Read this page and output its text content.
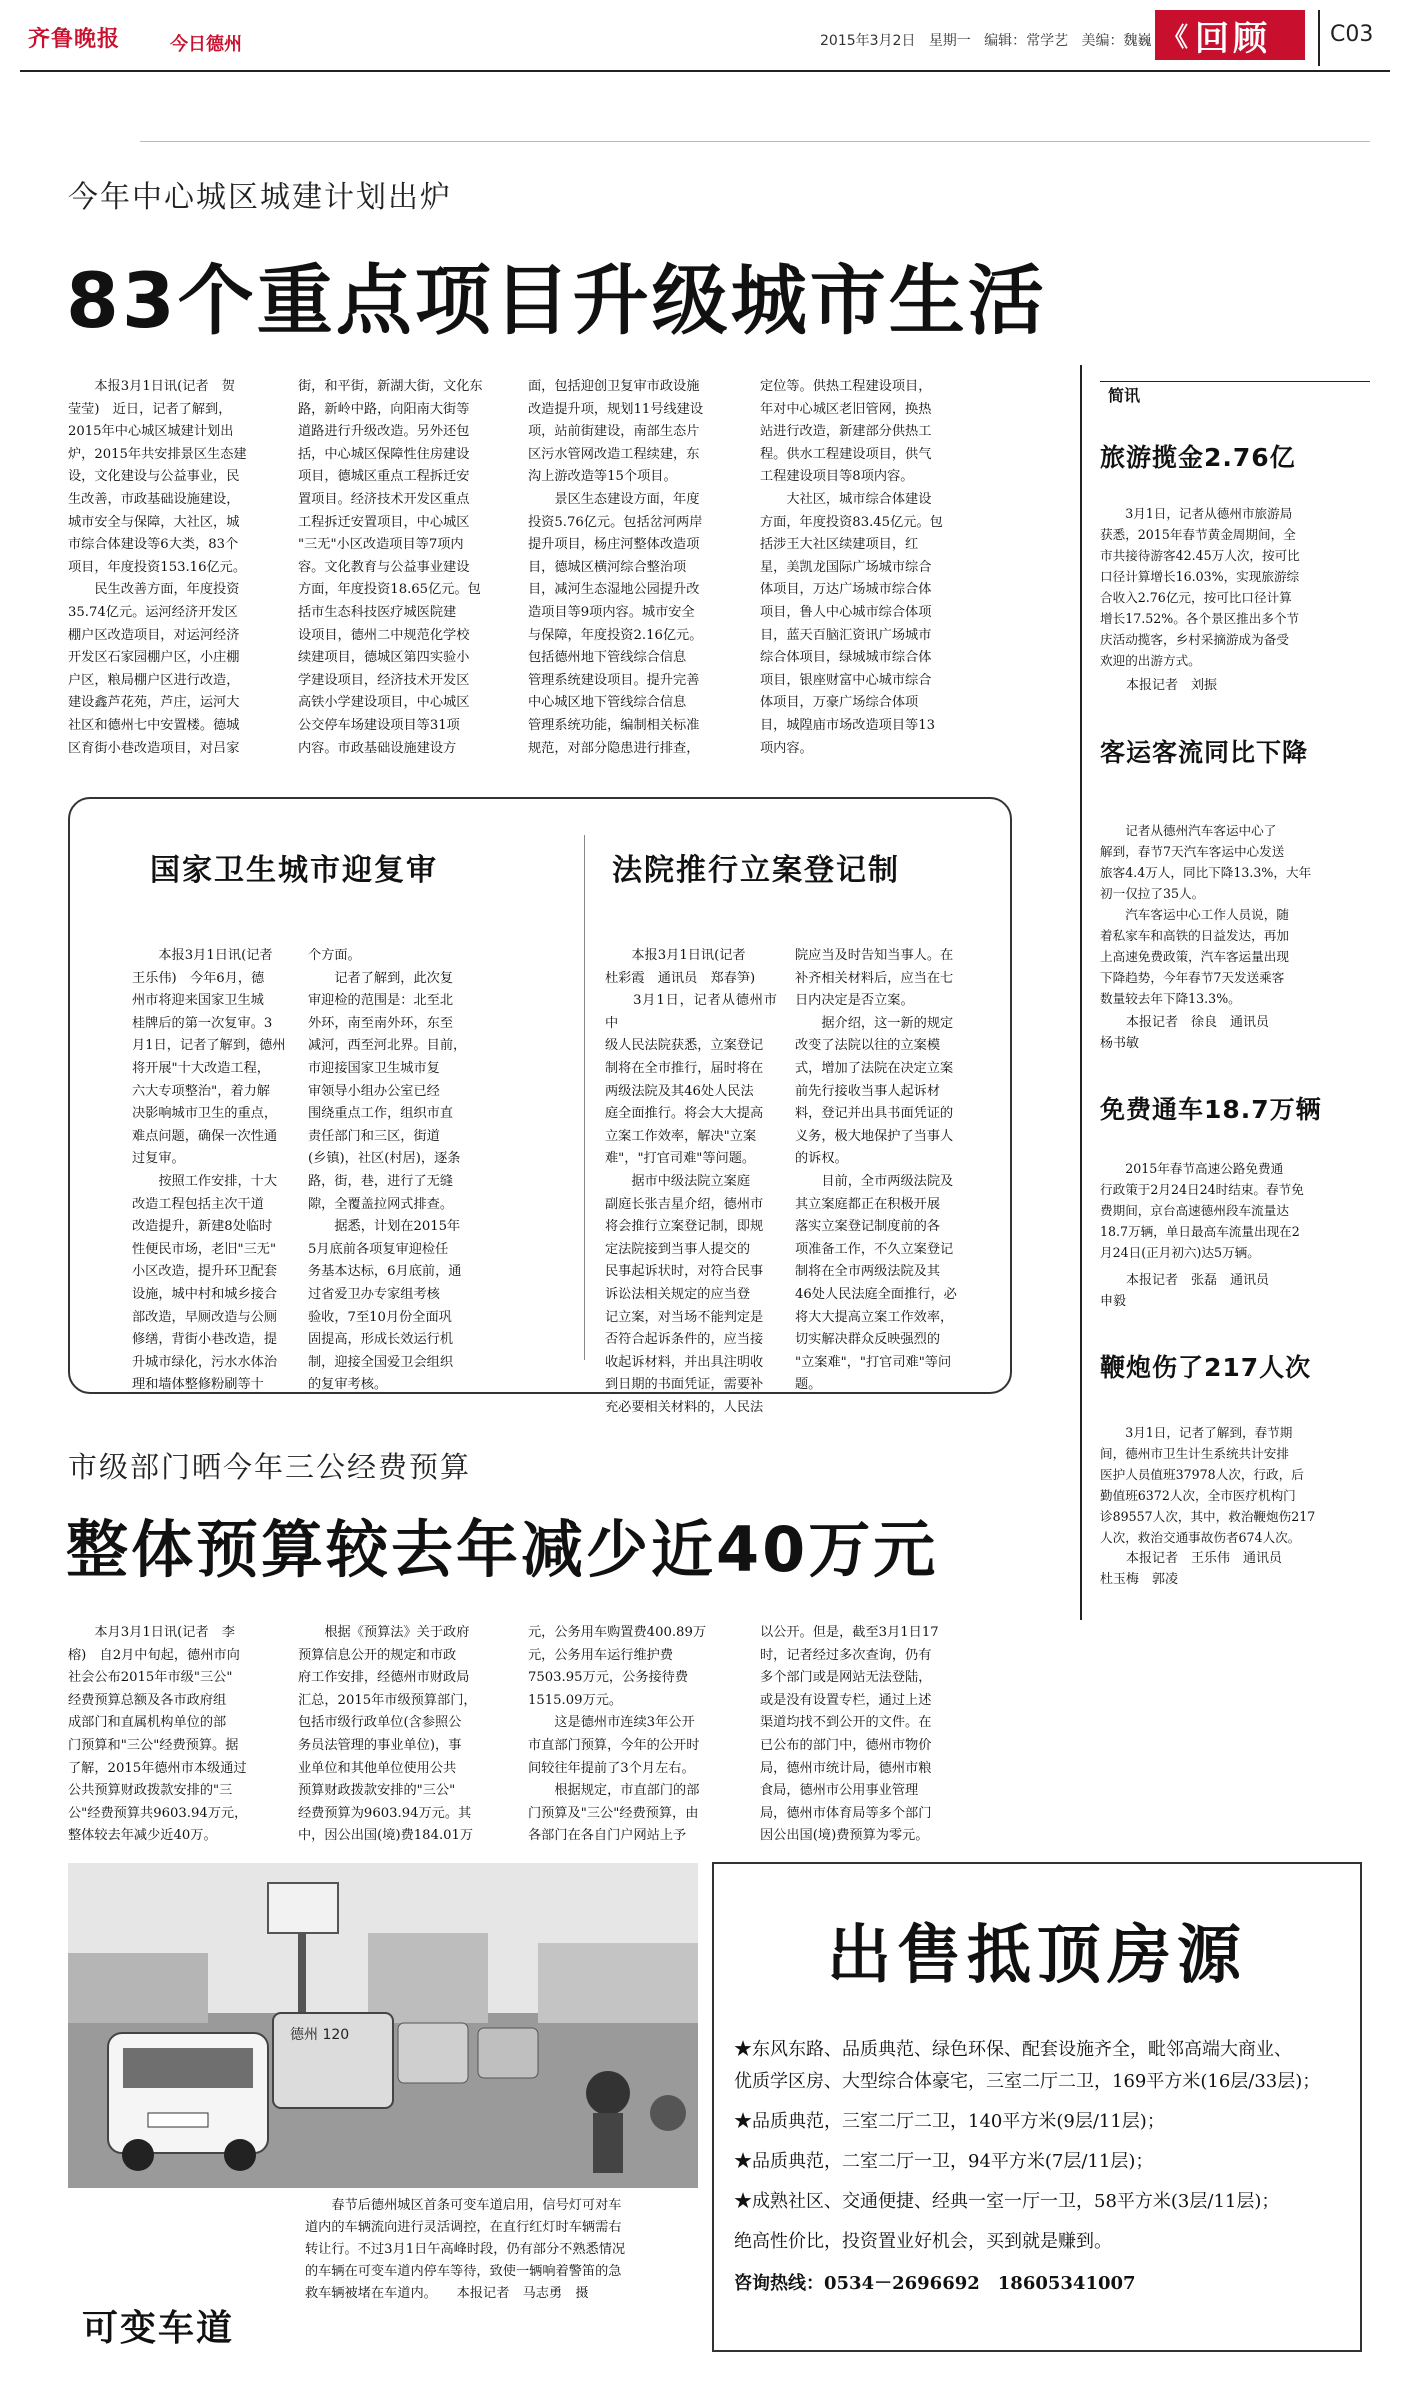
齐鲁晚报	今日德州	2015年3月2日 星期一 编辑：常学艺 美编：魏巍 《 回顾	C03
今年中心城区城建计划出炉
83个重点项目升级城市生活
　　本报3月1日讯(记者　贺
莹莹)　近日，记者了解到，
2015年中心城区城建计划出
炉，2015年共安排景区生态建
设，文化建设与公益事业，民
生改善，市政基础设施建设，
城市安全与保障，大社区，城
市综合体建设等6大类，83个
项目，年度投资153.16亿元。
　　民生改善方面，年度投资
35.74亿元。运河经济开发区
棚户区改造项目，对运河经济
开发区石家园棚户区，小庄棚
户区，粮局棚户区进行改造，
建设鑫芦花苑，芦庄，运河大
社区和德州七中安置楼。德城
区育街小巷改造项目，对吕家
街，和平街，新湖大街，文化东
路，新岭中路，向阳南大街等
道路进行升级改造。另外还包
括，中心城区保障性住房建设
项目，德城区重点工程拆迁安
置项目。经济技术开发区重点
工程拆迁安置项目，中心城区
"三无"小区改造项目等7项内
容。文化教育与公益事业建设
方面，年度投资18.65亿元。包
括市生态科技医疗城医院建
设项目，德州二中规范化学校
续建项目，德城区第四实验小
学建设项目，经济技术开发区
高铁小学建设项目，中心城区
公交停车场建设项目等31项
内容。市政基础设施建设方
面，包括迎创卫复审市政设施
改造提升项，规划11号线建设
项，站前街建设，南部生态片
区污水管网改造工程续建，东
沟上游改造等15个项目。
　　景区生态建设方面，年度
投资5.76亿元。包括岔河两岸
提升项目，杨庄河整体改造项
目，德城区横河综合整治项
目，减河生态湿地公园提升改
造项目等9项内容。城市安全
与保障，年度投资2.16亿元。
包括德州地下管线综合信息
管理系统建设项目。提升完善
中心城区地下管线综合信息
管理系统功能，编制相关标准
规范，对部分隐患进行排查，
定位等。供热工程建设项目，
年对中心城区老旧管网，换热
站进行改造，新建部分供热工
程。供水工程建设项目，供气
工程建设项目等8项内容。
　　大社区，城市综合体建设
方面，年度投资83.45亿元。包
括涉王大社区续建项目，红
星，美凯龙国际广场城市综合
体项目，万达广场城市综合体
项目，鲁人中心城市综合体项
目，蓝天百脑汇资讯广场城市
综合体项目，绿城城市综合体
项目，银座财富中心城市综合
体项目，万豪广场综合体项
目，城隍庙市场改造项目等13
项内容。
国家卫生城市迎复审
　　本报3月1日讯(记者
王乐伟)　今年6月，德
州市将迎来国家卫生城
桂牌后的第一次复审。3
月1日，记者了解到，德州
将开展"十大改造工程，
六大专项整治"，着力解
决影响城市卫生的重点，
难点问题，确保一次性通
过复审。
　　按照工作安排，十大
改造工程包括主次干道
改造提升，新建8处临时
性便民市场，老旧"三无"
小区改造，提升环卫配套
设施，城中村和城乡接合
部改造，早厕改造与公厕
修缮，背街小巷改造，提
升城市绿化，污水水体治
理和墙体整修粉刷等十
个方面。
　　记者了解到，此次复
审迎检的范围是：北至北
外环，南至南外环，东至
减河，西至河北界。目前，
市迎接国家卫生城市复
审领导小组办公室已经
围绕重点工作，组织市直
责任部门和三区，街道
(乡镇)，社区(村居)，逐条
路，街，巷，进行了无缝
隙，全覆盖拉网式排查。
　　据悉，计划在2015年
5月底前各项复审迎检任
务基本达标，6月底前，通
过省爱卫办专家组考核
验收，7至10月份全面巩
固提高，形成长效运行机
制，迎接全国爱卫会组织
的复审考核。
法院推行立案登记制
　　本报3月1日讯(记者
杜彩霞　通讯员　郑春笋)
　　3月1日，记者从德州市中
级人民法院获悉，立案登记
制将在全市推行，届时将在
两级法院及其46处人民法
庭全面推行。将会大大提高
立案工作效率，解决"立案
难"，"打官司难"等问题。
　　据市中级法院立案庭
副庭长张吉星介绍，德州市
将会推行立案登记制，即规
定法院接到当事人提交的
民事起诉状时，对符合民事
诉讼法相关规定的应当登
记立案，对当场不能判定是
否符合起诉条件的，应当接
收起诉材料，并出具注明收
到日期的书面凭证，需要补
充必要相关材料的，人民法
院应当及时告知当事人。在
补齐相关材料后，应当在七
日内决定是否立案。
　　据介绍，这一新的规定
改变了法院以往的立案模
式，增加了法院在决定立案
前先行接收当事人起诉材
料，登记并出具书面凭证的
义务，极大地保护了当事人
的诉权。
　　目前，全市两级法院及
其立案庭都正在积极开展
落实立案登记制度前的各
项准备工作，不久立案登记
制将在全市两级法院及其
46处人民法庭全面推行，必
将大大提高立案工作效率，
切实解决群众反映强烈的
"立案难"，"打官司难"等问
题。
市级部门晒今年三公经费预算
整体预算较去年减少近40万元
　　本月3月1日讯(记者　李
榕)　自2月中旬起，德州市向
社会公布2015年市级"三公"
经费预算总额及各市政府组
成部门和直属机构单位的部
门预算和"三公"经费预算。据
了解，2015年德州市本级通过
公共预算财政拨款安排的"三
公"经费预算共9603.94万元，
整体较去年减少近40万。
　　根据《预算法》关于政府
预算信息公开的规定和市政
府工作安排，经德州市财政局
汇总，2015年市级预算部门，
包括市级行政单位(含参照公
务员法管理的事业单位)，事
业单位和其他单位使用公共
预算财政拨款安排的"三公"
经费预算为9603.94万元。其
中，因公出国(境)费184.01万
元，公务用车购置费400.89万
元，公务用车运行维护费
7503.95万元，公务接待费
1515.09万元。
　　这是德州市连续3年公开
市直部门预算，今年的公开时
间较往年提前了3个月左右。
　　根据规定，市直部门的部
门预算及"三公"经费预算，由
各部门在各自门户网站上予
以公开。但是，截至3月1日17
时，记者经过多次查询，仍有
多个部门或是网站无法登陆，
或是没有设置专栏，通过上述
渠道均找不到公开的文件。在
已公布的部门中，德州市物价
局，德州市统计局，德州市粮
食局，德州市公用事业管理
局，德州市体育局等多个部门
因公出国(境)费预算为零元。
简讯
旅游揽金2.76亿
　　3月1日，记者从德州市旅游局
获悉，2015年春节黄金周期间，全
市共接待游客42.45万人次，按可比
口径计算增长16.03%，实现旅游综
合收入2.76亿元，按可比口径计算
增长17.52%。各个景区推出多个节
庆活动揽客，乡村采摘游成为备受
欢迎的出游方式。
　　本报记者　刘振
客运客流同比下降
　　记者从德州汽车客运中心了
解到，春节7天汽车客运中心发送
旅客4.4万人，同比下降13.3%，大年
初一仅拉了35人。
　　汽车客运中心工作人员说，随
着私家车和高铁的日益发达，再加
上高速免费政策，汽车客运量出现
下降趋势，今年春节7天发送乘客
数量较去年下降13.3%。
　　本报记者　徐良　通讯员
杨书敏
免费通车18.7万辆
　　2015年春节高速公路免费通
行政策于2月24日24时结束。春节免
费期间，京台高速德州段车流量达
18.7万辆，单日最高车流量出现在2
月24日(正月初六)达5万辆。
　　本报记者　张磊　通讯员
申毅
鞭炮伤了217人次
　　3月1日，记者了解到，春节期
间，德州市卫生计生系统共计安排
医护人员值班37978人次，行政，后
勤值班6372人次，全市医疗机构门
诊89557人次，其中，救治鞭炮伤217
人次，救治交通事故伤者674人次。
　　本报记者　王乐伟　通讯员
杜玉梅　郭凌
德州 120
　　春节后德州城区首条可变车道启用，信号灯可对车
道内的车辆流向进行灵活调控，在直行红灯时车辆需右
转让行。不过3月1日午高峰时段，仍有部分不熟悉情况
的车辆在可变车道内停车等待，致使一辆响着警笛的急
救车辆被堵在车道内。　　本报记者　马志勇　摄
可变车道
出售抵顶房源
★东风东路、品质典范、绿色环保、配套设施齐全，毗邻高端大商业、
优质学区房、大型综合体豪宅，三室二厅二卫，169平方米(16层/33层)；
★品质典范，三室二厅二卫，140平方米(9层/11层)；
★品质典范，二室二厅一卫，94平方米(7层/11层)；
★成熟社区、交通便捷、经典一室一厅一卫，58平方米(3层/11层)；
绝高性价比，投资置业好机会，买到就是赚到。
咨询热线：0534－2696692　18605341007
